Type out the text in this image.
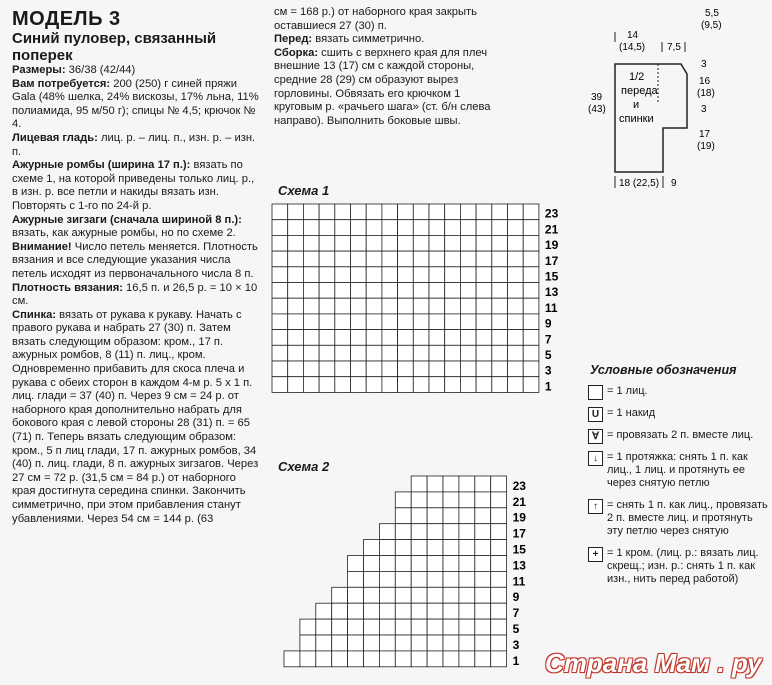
МОДЕЛЬ 3

Синий пуловер, связанный поперек

Размеры: 36/38 (42/44)

Вам потребуется: 200 (250) г синей пряжи Gala (48% шелка, 24% вискозы, 17% льна, 11% полиамида, 95 м/50 г); спицы № 4,5; крючок № 4.

Лицевая гладь: лиц. р. – лиц. п., изн. р. – изн. п.

Ажурные ромбы (ширина 17 п.): вязать по схеме 1, на которой приведены только лиц. р., в изн. р. все петли и накиды вязать изн. Повторять с 1-го по 24-й р.

Ажурные зигзаги (сначала шириной 8 п.): вязать, как ажурные ромбы, но по схеме 2. Внимание! Число петель меняется. Плотность вязания и все следующие указания числа петель исходят из первоначального числа 8 п.

Плотность вязания: 16,5 п. и 26,5 р. = 10 × 10 см.

Спинка: вязать от рукава к рукаву. Начать с правого рукава и набрать 27 (30) п. Затем вязать следующим образом: кром., 17 п. ажурных ромбов, 8 (11) п. лиц., кром. Одновременно прибавить для скоса плеча и рукава с обеих сторон в каждом 4-м р. 5 х 1 п. лиц. глади = 37 (40) п. Через 9 см = 24 р. от наборного края дополнительно набрать для бокового края с левой стороны 28 (31) п. = 65 (71) п. Теперь вязать следующим образом: кром., 5 п лиц глади, 17 п. ажурных ромбов, 34 (40) п. лиц. глади, 8 п. ажурных зигзагов. Через 27 см = 72 р. (31,5 см = 84 р.) от наборного края достигнута середина спинки. Закончить симметрично, при этом прибавления станут убавлениями. Через 54 см = 144 р. (63

см = 168 р.) от наборного края закрыть оставшиеся 27 (30) п.

Перед: вязать симметрично.

Сборка: сшить с верхнего края для плеч внешние 13 (17) см с каждой стороны, средние 28 (29) см образуют вырез горловины. Обвязать его крючком 1 круговым р. «рачьего шага» (ст. б/н слева направо). Выполнить боковые швы.

Схема 1
23
21
19
17
15
13
11
9
7
5
3
1
Схема 2
23
21
19
17
15
13
11
9
7
5
3
1
5,5
(9,5)
14
(14,5) 7,5
1/2
переда
и
спинки
39
(43)
3
16
(18)
3
17
(19)
18 (22,5) 9
Условные обозначения
= 1 лиц.
U = 1 накид
∀ = провязать 2 п. вместе лиц.
↓ = 1 протяжка: снять 1 п. как лиц., 1 лиц. и протянуть ее через снятую петлю
↑ = снять 1 п. как лиц., провязать 2 п. вместе лиц. и протянуть эту петлю через снятую
+ = 1 кром. (лиц. р.: вязать лиц. скрещ.; изн. р.: снять 1 п. как изн., нить перед работой)
Страна Мам . ру
